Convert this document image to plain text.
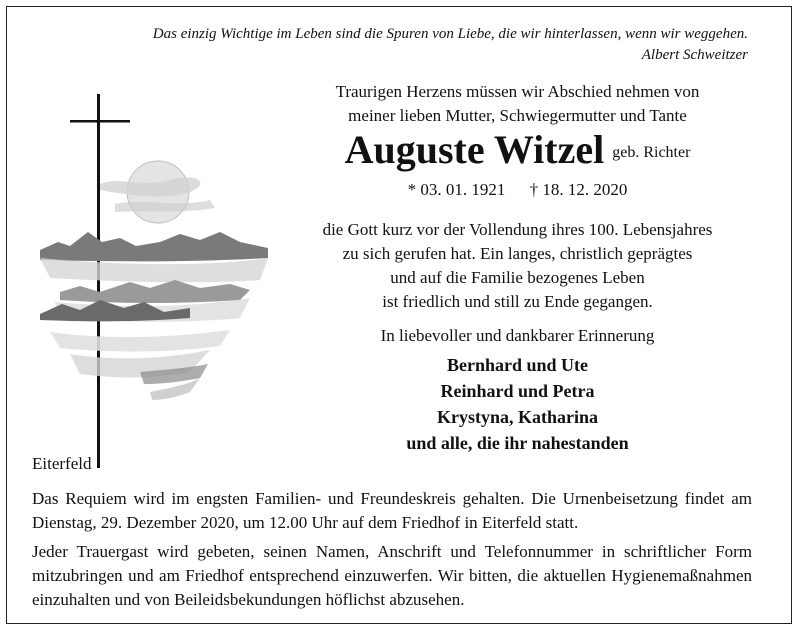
Das einzig Wichtige im Leben sind die Spuren von Liebe, die wir hinterlassen, wenn wir weggehen.
Albert Schweitzer
Traurigen Herzens müssen wir Abschied nehmen von
meiner lieben Mutter, Schwiegermutter und Tante
Auguste Witzel geb. Richter
* 03. 01. 1921 † 18. 12. 2020
die Gott kurz vor der Vollendung ihres 100. Lebensjahres
zu sich gerufen hat. Ein langes, christlich geprägtes
und auf die Familie bezogenes Leben
ist friedlich und still zu Ende gegangen.
In liebevoller und dankbarer Erinnerung
Bernhard und Ute
Reinhard und Petra
Krystyna, Katharina
und alle, die ihr nahestanden
Eiterfeld
Das Requiem wird im engsten Familien- und Freundeskreis gehalten. Die Urnenbeisetzung findet am Dienstag, 29. Dezember 2020, um 12.00 Uhr auf dem Friedhof in Eiterfeld statt.
Jeder Trauergast wird gebeten, seinen Namen, Anschrift und Telefonnummer in schriftlicher Form mitzubringen und am Friedhof entsprechend einzuwerfen. Wir bitten, die aktuellen Hygienemaßnahmen einzuhalten und von Beileidsbekundungen höflichst abzusehen.
